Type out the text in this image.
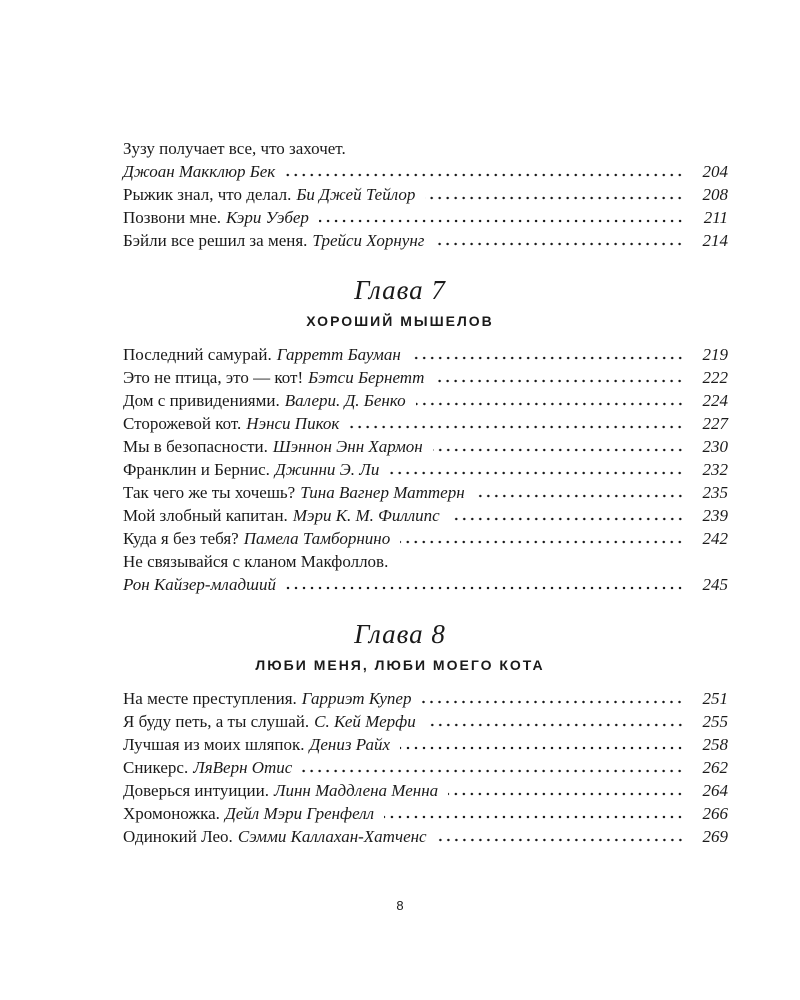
Зузу получает все, что захочет.
Джоан Макклюр Бек	204
Рыжик знал, что делал. Би Джей Тейлор	208
Позвони мне. Кэри Уэбер	211
Бэйли все решил за меня. Трейси Хорнунг	214
Глава 7
ХОРОШИЙ МЫШЕЛОВ
Последний самурай. Гарретт Бауман	219
Это не птица, это — кот! Бэтси Бернетт	222
Дом с привидениями. Валери. Д. Бенко	224
Сторожевой кот. Нэнси Пикок	227
Мы в безопасности. Шэннон Энн Хармон	230
Франклин и Бернис. Джинни Э. Ли	232
Так чего же ты хочешь? Тина Вагнер Маттерн	235
Мой злобный капитан. Мэри К. М. Филлипс	239
Куда я без тебя? Памела Тамборнино	242
Не связывайся с кланом Макфоллов.
Рон Кайзер-младший	245
Глава 8
ЛЮБИ МЕНЯ, ЛЮБИ МОЕГО КОТА
На месте преступления. Гарриэт Купер	251
Я буду петь, а ты слушай. С. Кей Мерфи	255
Лучшая из моих шляпок. Дениз Райх	258
Сникерс. ЛяВерн Отис	262
Доверься интуиции. Линн Маддлена Менна	264
Хромоножка. Дейл Мэри Гренфелл	266
Одинокий Лео. Сэмми Каллахан-Хатченс	269
8
